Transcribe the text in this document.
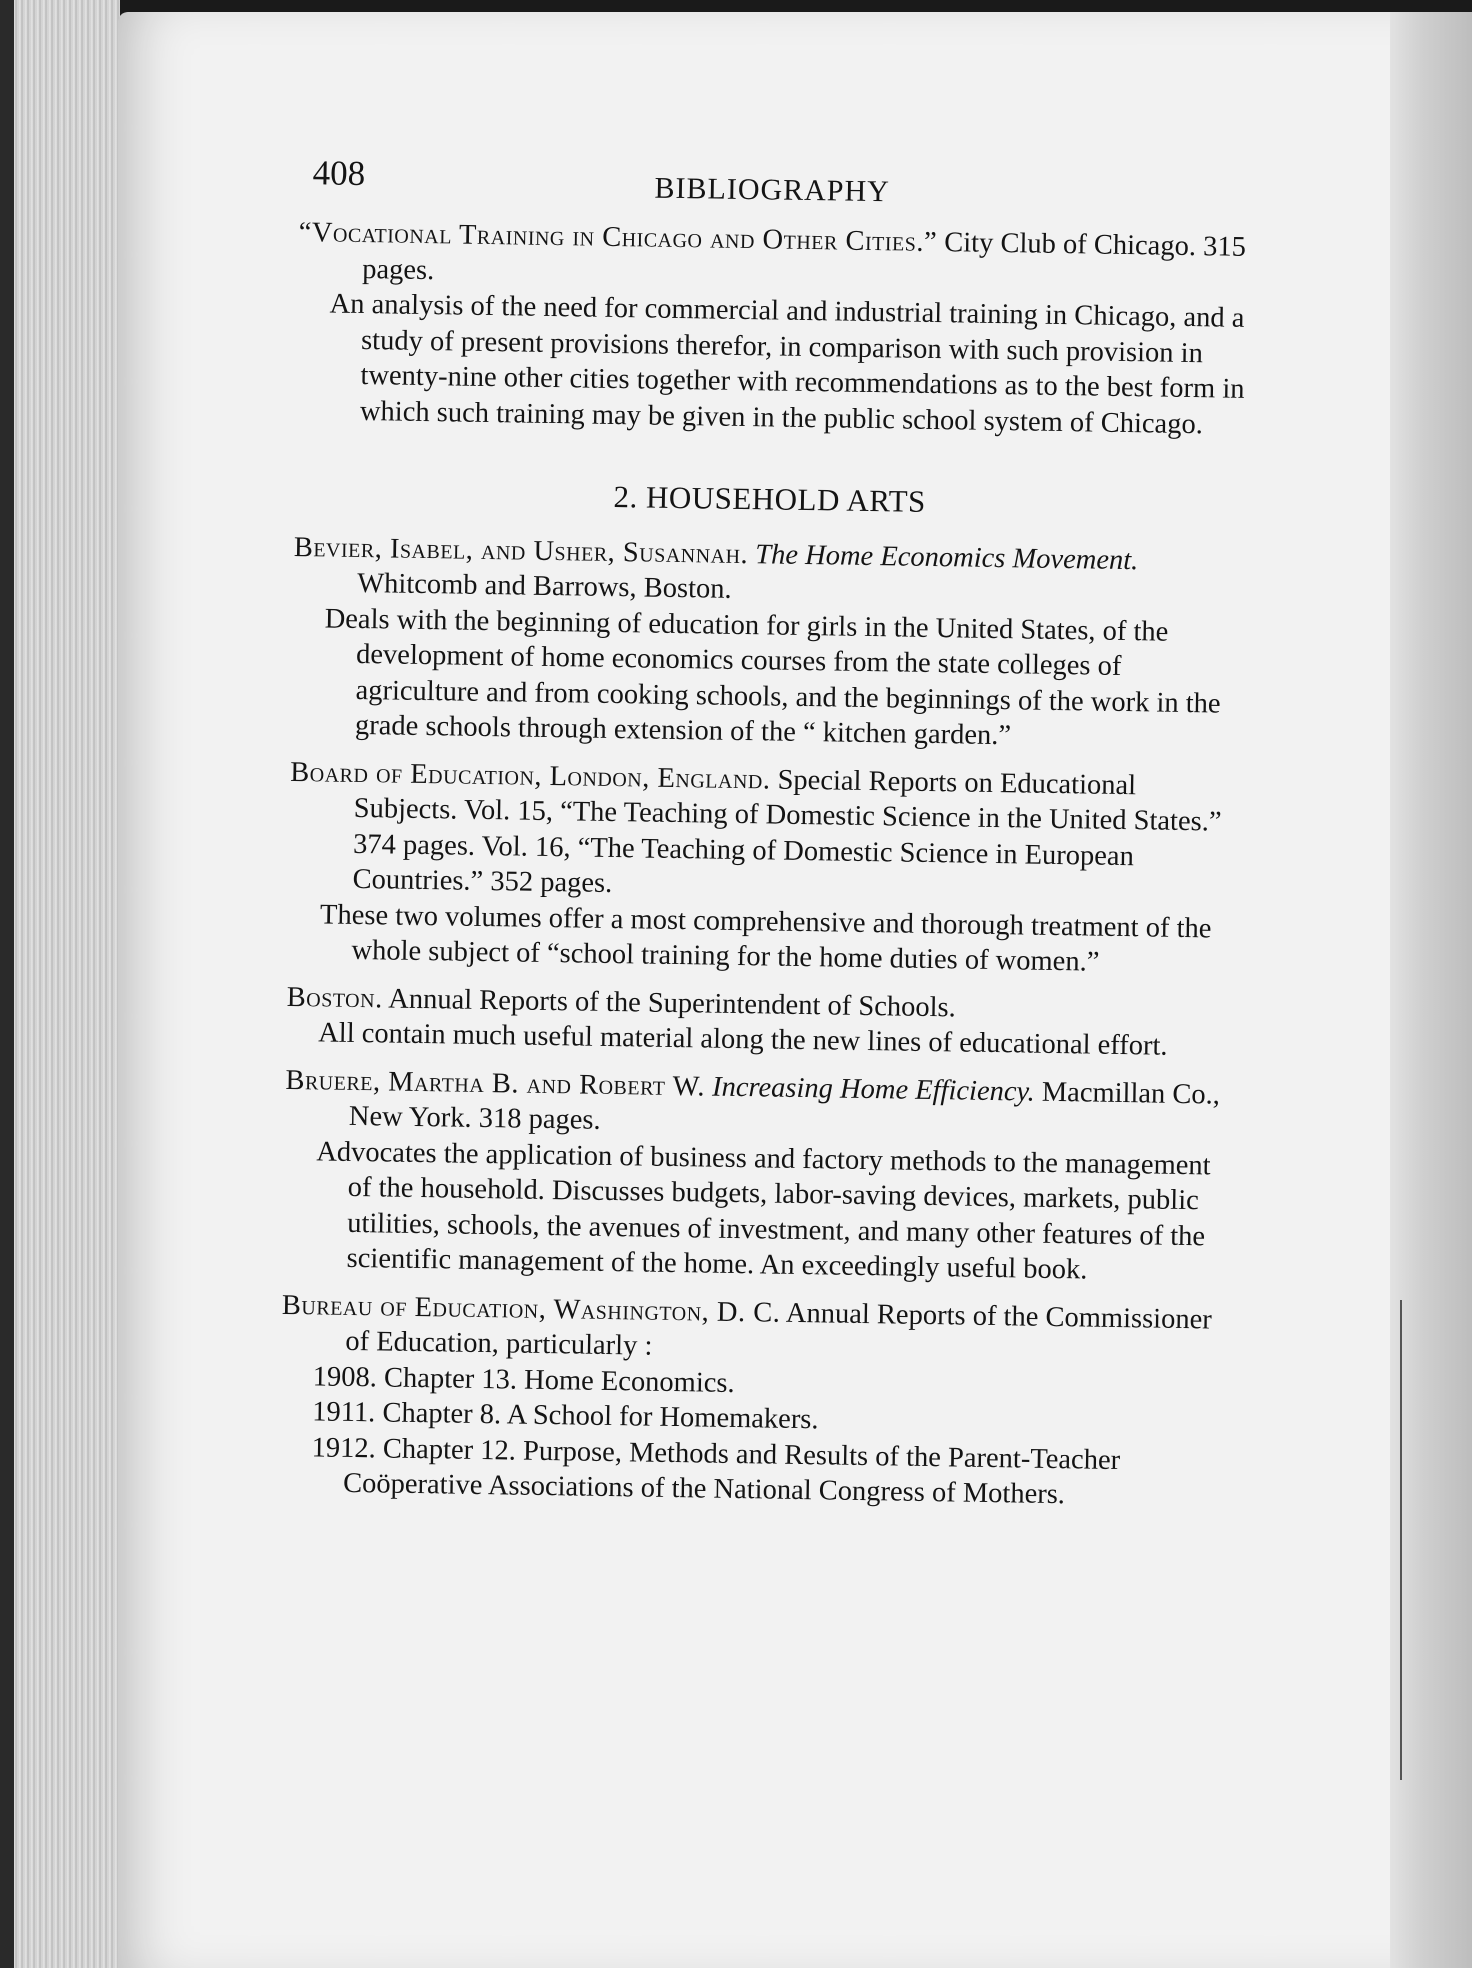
408	BIBLIOGRAPHY

“Vocational Training in Chicago and Other Cities.” City Club of Chicago. 315 pages.

An analysis of the need for commercial and industrial training in Chicago, and a study of present provisions therefor, in comparison with such provision in twenty-nine other cities together with recommendations as to the best form in which such training may be given in the public school system of Chicago.

2. HOUSEHOLD ARTS

Bevier, Isabel, and Usher, Susannah. The Home Economics Movement. Whitcomb and Barrows, Boston.

Deals with the beginning of education for girls in the United States, of the development of home economics courses from the state colleges of agriculture and from cooking schools, and the beginnings of the work in the grade schools through extension of the “ kitchen garden.”

Board of Education, London, England. Special Reports on Educational Subjects. Vol. 15, “The Teaching of Domestic Science in the United States.” 374 pages. Vol. 16, “The Teaching of Domestic Science in European Countries.” 352 pages.

These two volumes offer a most comprehensive and thorough treatment of the whole subject of “school training for the home duties of women.”

Boston. Annual Reports of the Superintendent of Schools.

All contain much useful material along the new lines of educational effort.

Bruere, Martha B. and Robert W. Increasing Home Efficiency. Macmillan Co., New York. 318 pages.

Advocates the application of business and factory methods to the management of the household. Discusses budgets, labor-saving devices, markets, public utilities, schools, the avenues of investment, and many other features of the scientific management of the home. An exceedingly useful book.

Bureau of Education, Washington, D. C. Annual Reports of the Commissioner of Education, particularly :

1908. Chapter 13. Home Economics.

1911. Chapter 8. A School for Homemakers.

1912. Chapter 12. Purpose, Methods and Results of the Parent-Teacher Coöperative Associations of the National Congress of Mothers.
